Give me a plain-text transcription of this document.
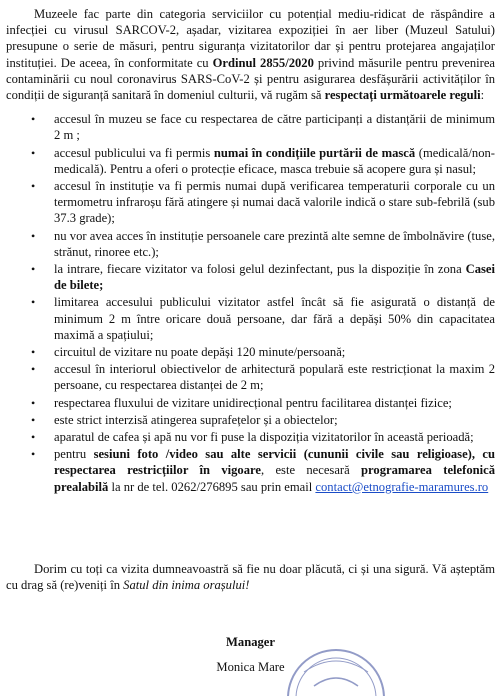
Muzeele fac parte din categoria serviciilor cu potențial mediu-ridicat de răspândire a infecției cu virusul SARCOV-2, așadar, vizitarea expoziției în aer liber (Muzeul Satului) presupune o serie de măsuri, pentru siguranța vizitatorilor dar și pentru protejarea angajaților instituției. De aceea, în conformitate cu Ordinul 2855/2020 privind măsurile pentru prevenirea contaminării cu noul coronavirus SARS-CoV-2 și pentru asigurarea desfășurării activităților în condiții de siguranță sanitară în domeniul culturii, vă rugăm să respectați următoarele reguli:

• accesul în muzeu se face cu respectarea de către participanți a distanțării de minimum 2 m ;
• accesul publicului va fi permis numai în condițiile purtării de mască (medicală/non-medicală). Pentru a oferi o protecție eficace, masca trebuie să acopere gura și nasul;
• accesul în instituție va fi permis numai după verificarea temperaturii corporale cu un termometru infraroșu fără atingere și numai dacă valorile indică o stare sub-febrilă (sub 37.3 grade);
• nu vor avea acces în instituție persoanele care prezintă alte semne de îmbolnăvire (tuse, strănut, rinoree etc.);
• la intrare, fiecare vizitator va folosi gelul dezinfectant, pus la dispoziție în zona Casei de bilete;
• limitarea accesului publicului vizitator astfel încât să fie asigurată o distanță de minimum 2 m între oricare două persoane, dar fără a depăși 50% din capacitatea maximă a spațiului;
• circuitul de vizitare nu poate depăși 120 minute/persoană;
• accesul în interiorul obiectivelor de arhitectură populară este restricționat la maxim 2 persoane, cu respectarea distanței de 2 m;
• respectarea fluxului de vizitare unidirecțional pentru facilitarea distanței fizice;
• este strict interzisă atingerea suprafețelor și a obiectelor;
• aparatul de cafea și apă nu vor fi puse la dispoziția vizitatorilor în această perioadă;
• pentru sesiuni foto /video sau alte servicii (cununii civile sau religioase), cu respectarea restricțiilor în vigoare, este necesară programarea telefonică prealabilă la nr de tel. 0262/276895 sau prin email contact@etnografie-maramures.ro

Dorim cu toți ca vizita dumneavoastră să fie nu doar plăcută, ci și una sigură. Vă așteptăm cu drag să (re)veniți în Satul din inima orașului!

Manager
Monica Mare
